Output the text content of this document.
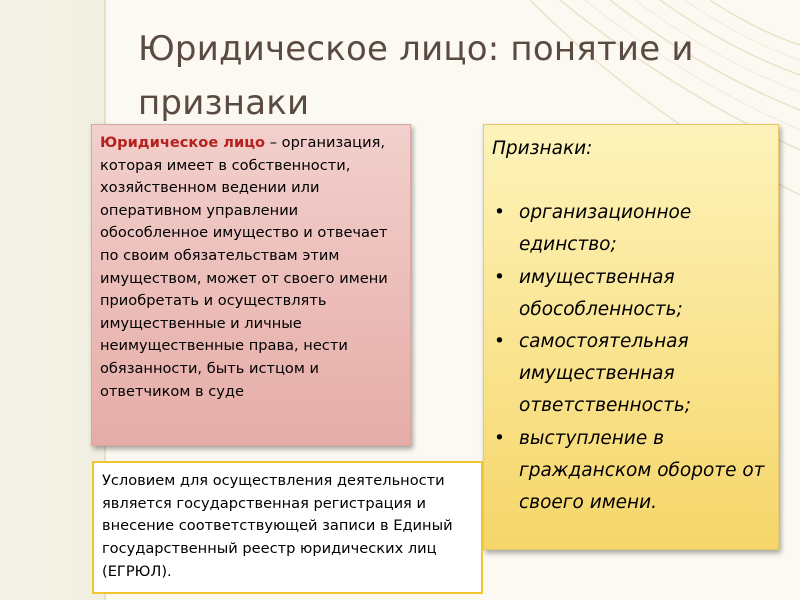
Юридическое лицо: понятие и признаки
Юридическое лицо – организация, которая имеет в собственности, хозяйственном ведении или оперативном управлении обособленное имущество и отвечает по своим обязательствам этим имуществом, может от своего имени приобретать и осуществлять имущественные и личные неимущественные права, нести обязанности, быть истцом и ответчиком в суде

Признаки:

• организационное единство;
• имущественная обособленность;
• самостоятельная имущественная ответственность;
• выступление в гражданском обороте от своего имени.
Условием для осуществления деятельности является государственная регистрация и внесение соответствующей записи в Единый государственный реестр юридических лиц (ЕГРЮЛ).
